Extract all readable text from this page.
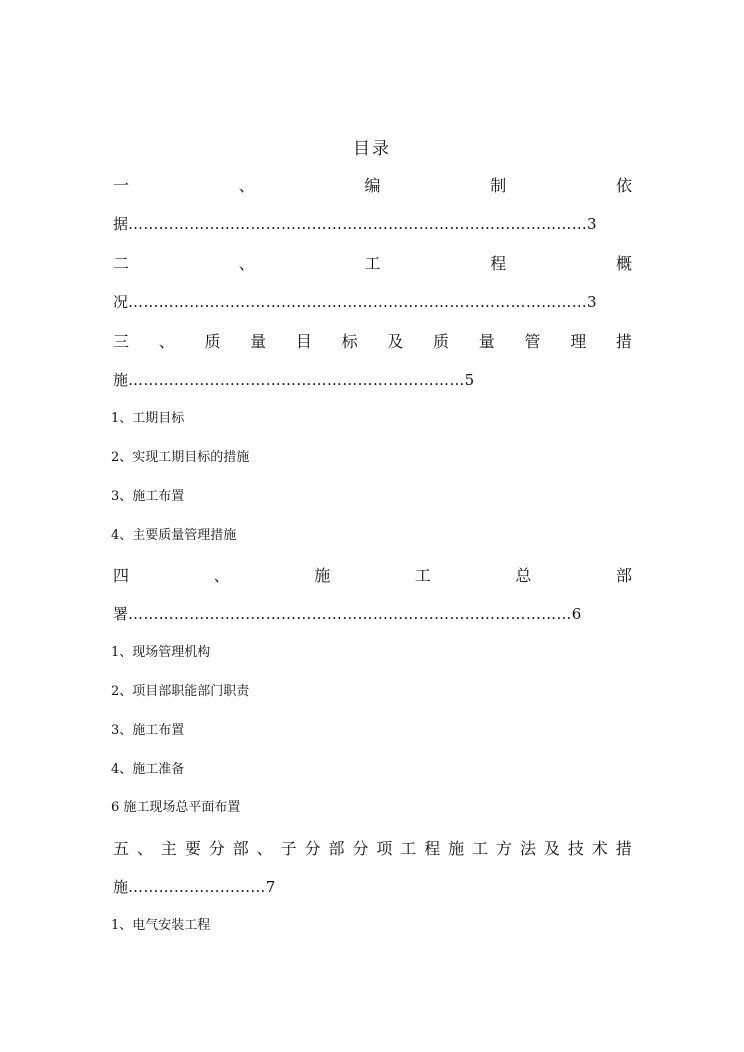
目录
一	、	编	制	依
据………………………………………………………………………………3
二	、	工	程	概
况………………………………………………………………………………3
三 、 质 量 目 标 及 质 量 管 理 措
施…………………………………………………………5
1、工期目标
2、实现工期目标的措施
3、施工布置
4、主要质量管理措施
四	、	施	工	总	部
署……………………………………………………………………………6
1、现场管理机构
2、项目部职能部门职责
3、施工布置
4、施工准备
6 施工现场总平面布置
五 、 主 要 分 部 、 子 分 部 分 项 工 程 施 工 方 法 及 技 术 措
施………………………7
1、电气安装工程
